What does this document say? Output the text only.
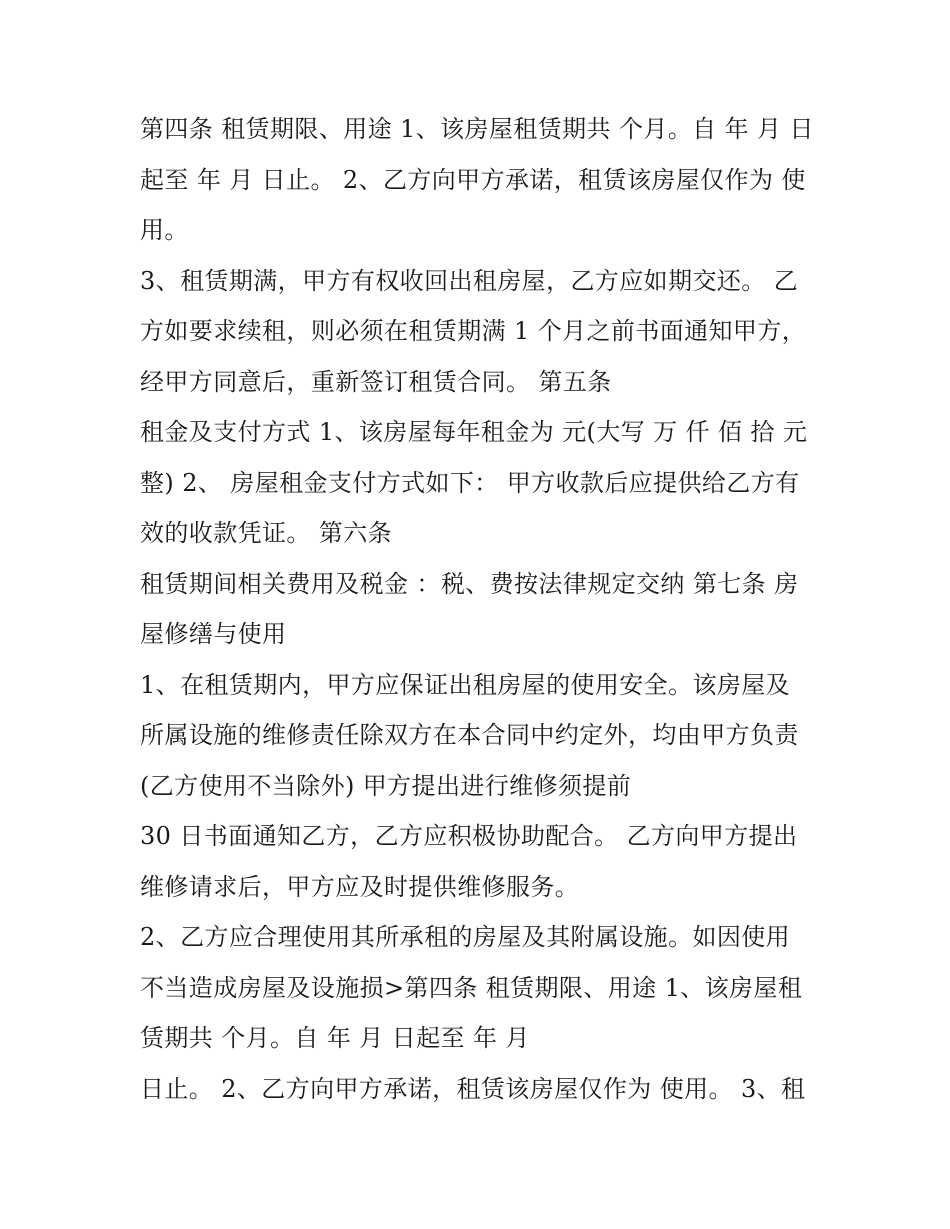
第四条 租赁期限、用途 1、该房屋租赁期共 个月。自 年 月 日
起至 年 月 日止。 2、乙方向甲方承诺，租赁该房屋仅作为 使
用。
3、租赁期满，甲方有权收回出租房屋，乙方应如期交还。 乙
方如要求续租，则必须在租赁期满 1 个月之前书面通知甲方，
经甲方同意后，重新签订租赁合同。 第五条
租金及支付方式 1、该房屋每年租金为 元(大写 万 仟 佰 拾 元
整) 2、 房屋租金支付方式如下： 甲方收款后应提供给乙方有
效的收款凭证。 第六条
租赁期间相关费用及税金 ：税、费按法律规定交纳 第七条 房
屋修缮与使用
1、在租赁期内，甲方应保证出租房屋的使用安全。该房屋及
所属设施的维修责任除双方在本合同中约定外，均由甲方负责
(乙方使用不当除外) 甲方提出进行维修须提前
30 日书面通知乙方，乙方应积极协助配合。 乙方向甲方提出
维修请求后，甲方应及时提供维修服务。
2、乙方应合理使用其所承租的房屋及其附属设施。如因使用
不当造成房屋及设施损>第四条 租赁期限、用途 1、该房屋租
赁期共 个月。自 年 月 日起至 年 月
日止。 2、乙方向甲方承诺，租赁该房屋仅作为 使用。 3、租
